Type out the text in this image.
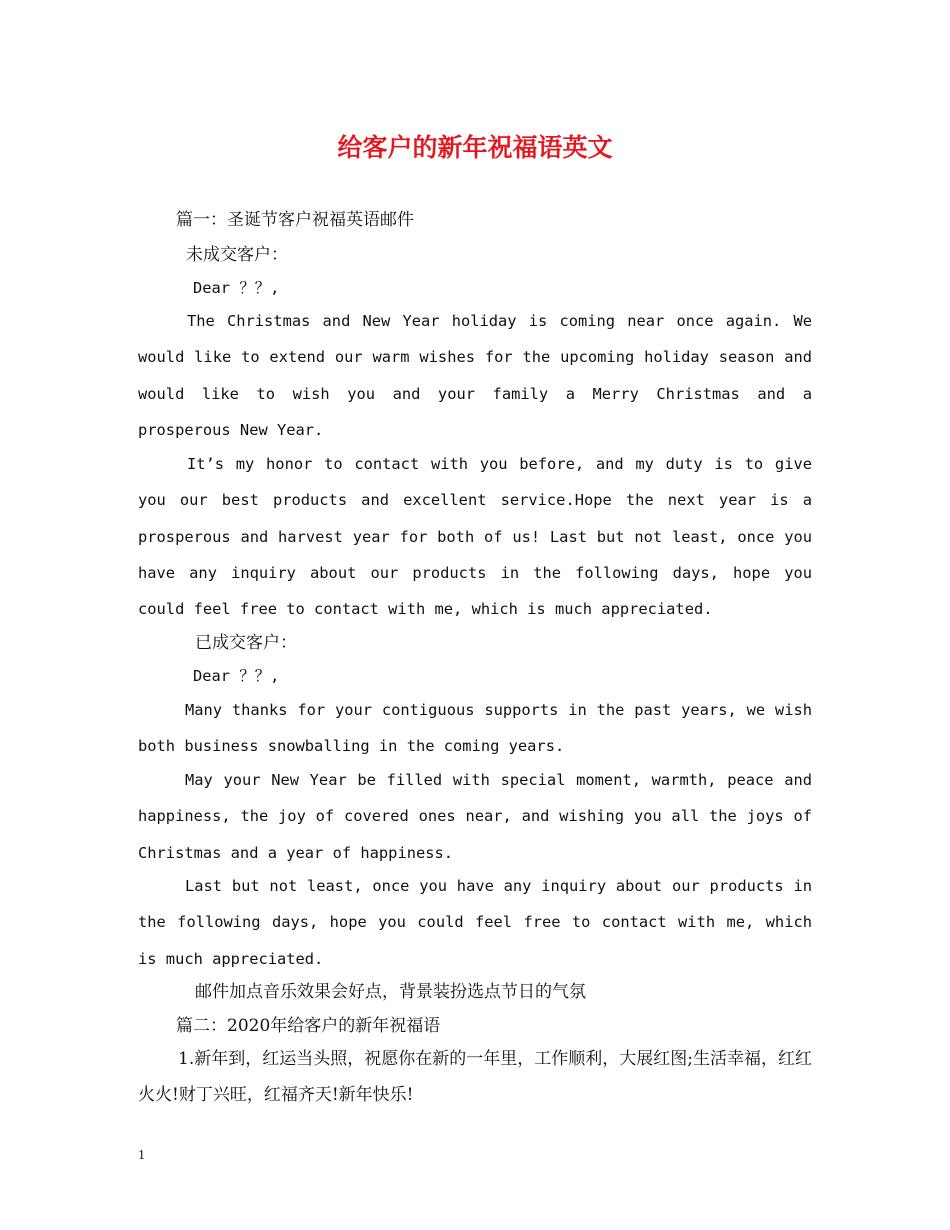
给客户的新年祝福语英文

篇一：圣诞节客户祝福英语邮件

未成交客户：

Dear ？？,

The Christmas and New Year holiday is coming near once again. We would like to extend our warm wishes for the upcoming holiday season and would like to wish you and your family a Merry Christmas and a prosperous New Year.

It’s my honor to contact with you before, and my duty is to give you our best products and excellent service.Hope the next year is a prosperous and harvest year for both of us! Last but not least, once you have any inquiry about our products in the following days, hope you could feel free to contact with me, which is much appreciated.

已成交客户：

Dear ？？,

Many thanks for your contiguous supports in the past years, we wish both business snowballing in the coming years.

May your New Year be filled with special moment, warmth, peace and happiness, the joy of covered ones near, and wishing you all the joys of Christmas and a year of happiness.

Last but not least, once you have any inquiry about our products in the following days, hope you could feel free to contact with me, which is much appreciated.

邮件加点音乐效果会好点，背景装扮选点节日的气氛

篇二：2020年给客户的新年祝福语

1.新年到，红运当头照，祝愿你在新的一年里，工作顺利，大展红图;生活幸福，红红火火!财丁兴旺，红福齐天!新年快乐!

1
